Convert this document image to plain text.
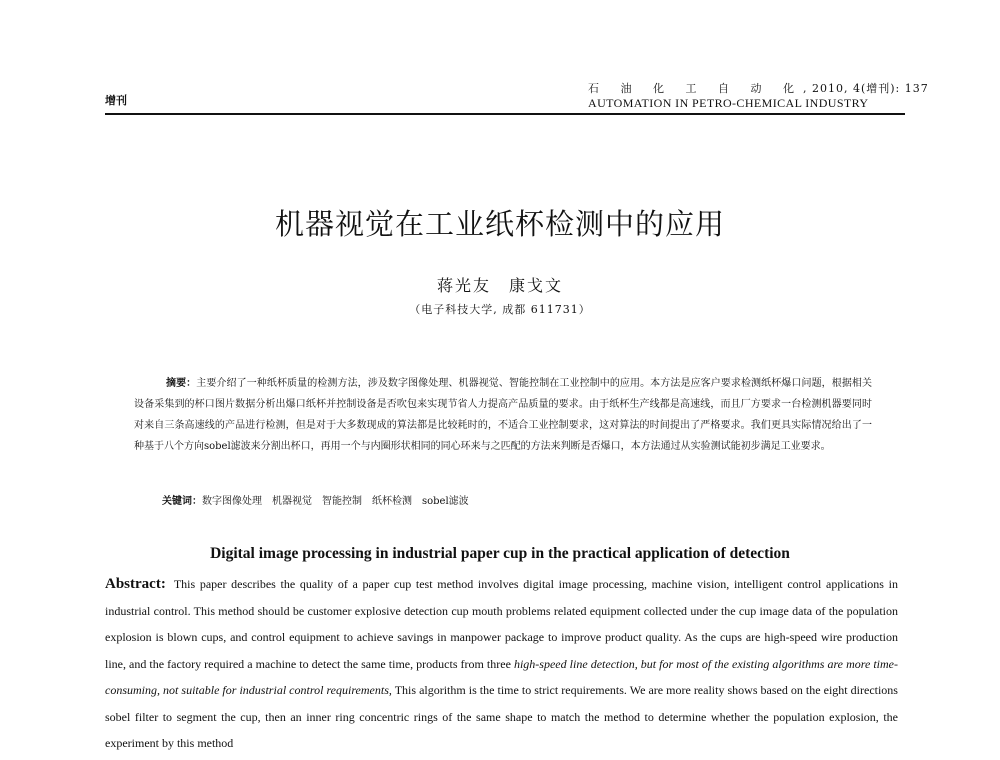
增刊
石 油 化 工 自 动 化, 2010, 4(增刊): 137
AUTOMATION IN PETRO-CHEMICAL INDUSTRY
机器视觉在工业纸杯检测中的应用
蒋光友　康戈文
（电子科技大学, 成都 611731）

摘要：主要介绍了一种纸杯质量的检测方法，涉及数字图像处理、机器视觉、智能控制在工业控制中的应用。本方法是应客户要求检测纸杯爆口问题，根据相关设备采集到的杯口图片数据分析出爆口纸杯并控制设备是否吹包来实现节省人力提高产品质量的要求。由于纸杯生产线都是高速线，而且厂方要求一台检测机器要同时对来自三条高速线的产品进行检测，但是对于大多数现成的算法都是比较耗时的，不适合工业控制要求，这对算法的时间提出了严格要求。我们更具实际情况给出了一种基于八个方向sobel滤波来分割出杯口，再用一个与内圈形状相同的同心环来与之匹配的方法来判断是否爆口，本方法通过从实验测试能初步满足工业要求。

关键词：数字图像处理　机器视觉　智能控制　纸杯检测　sobel滤波
Digital image processing in industrial paper cup in the practical application of detection

Abstract: This paper describes the quality of a paper cup test method involves digital image processing, machine vision, intelligent control applications in industrial control. This method should be customer explosive detection cup mouth problems related equipment collected under the cup image data of the population explosion is blown cups, and control equipment to achieve savings in manpower package to improve product quality. As the cups are high-speed wire production line, and the factory required a machine to detect the same time, products from three high-speed line detection, but for most of the existing algorithms are more time-consuming, not suitable for industrial control requirements, This algorithm is the time to strict requirements. We are more reality shows based on the eight directions sobel filter to segment the cup, then an inner ring concentric rings of the same shape to match the method to determine whether the population explosion, the experiment by this method
